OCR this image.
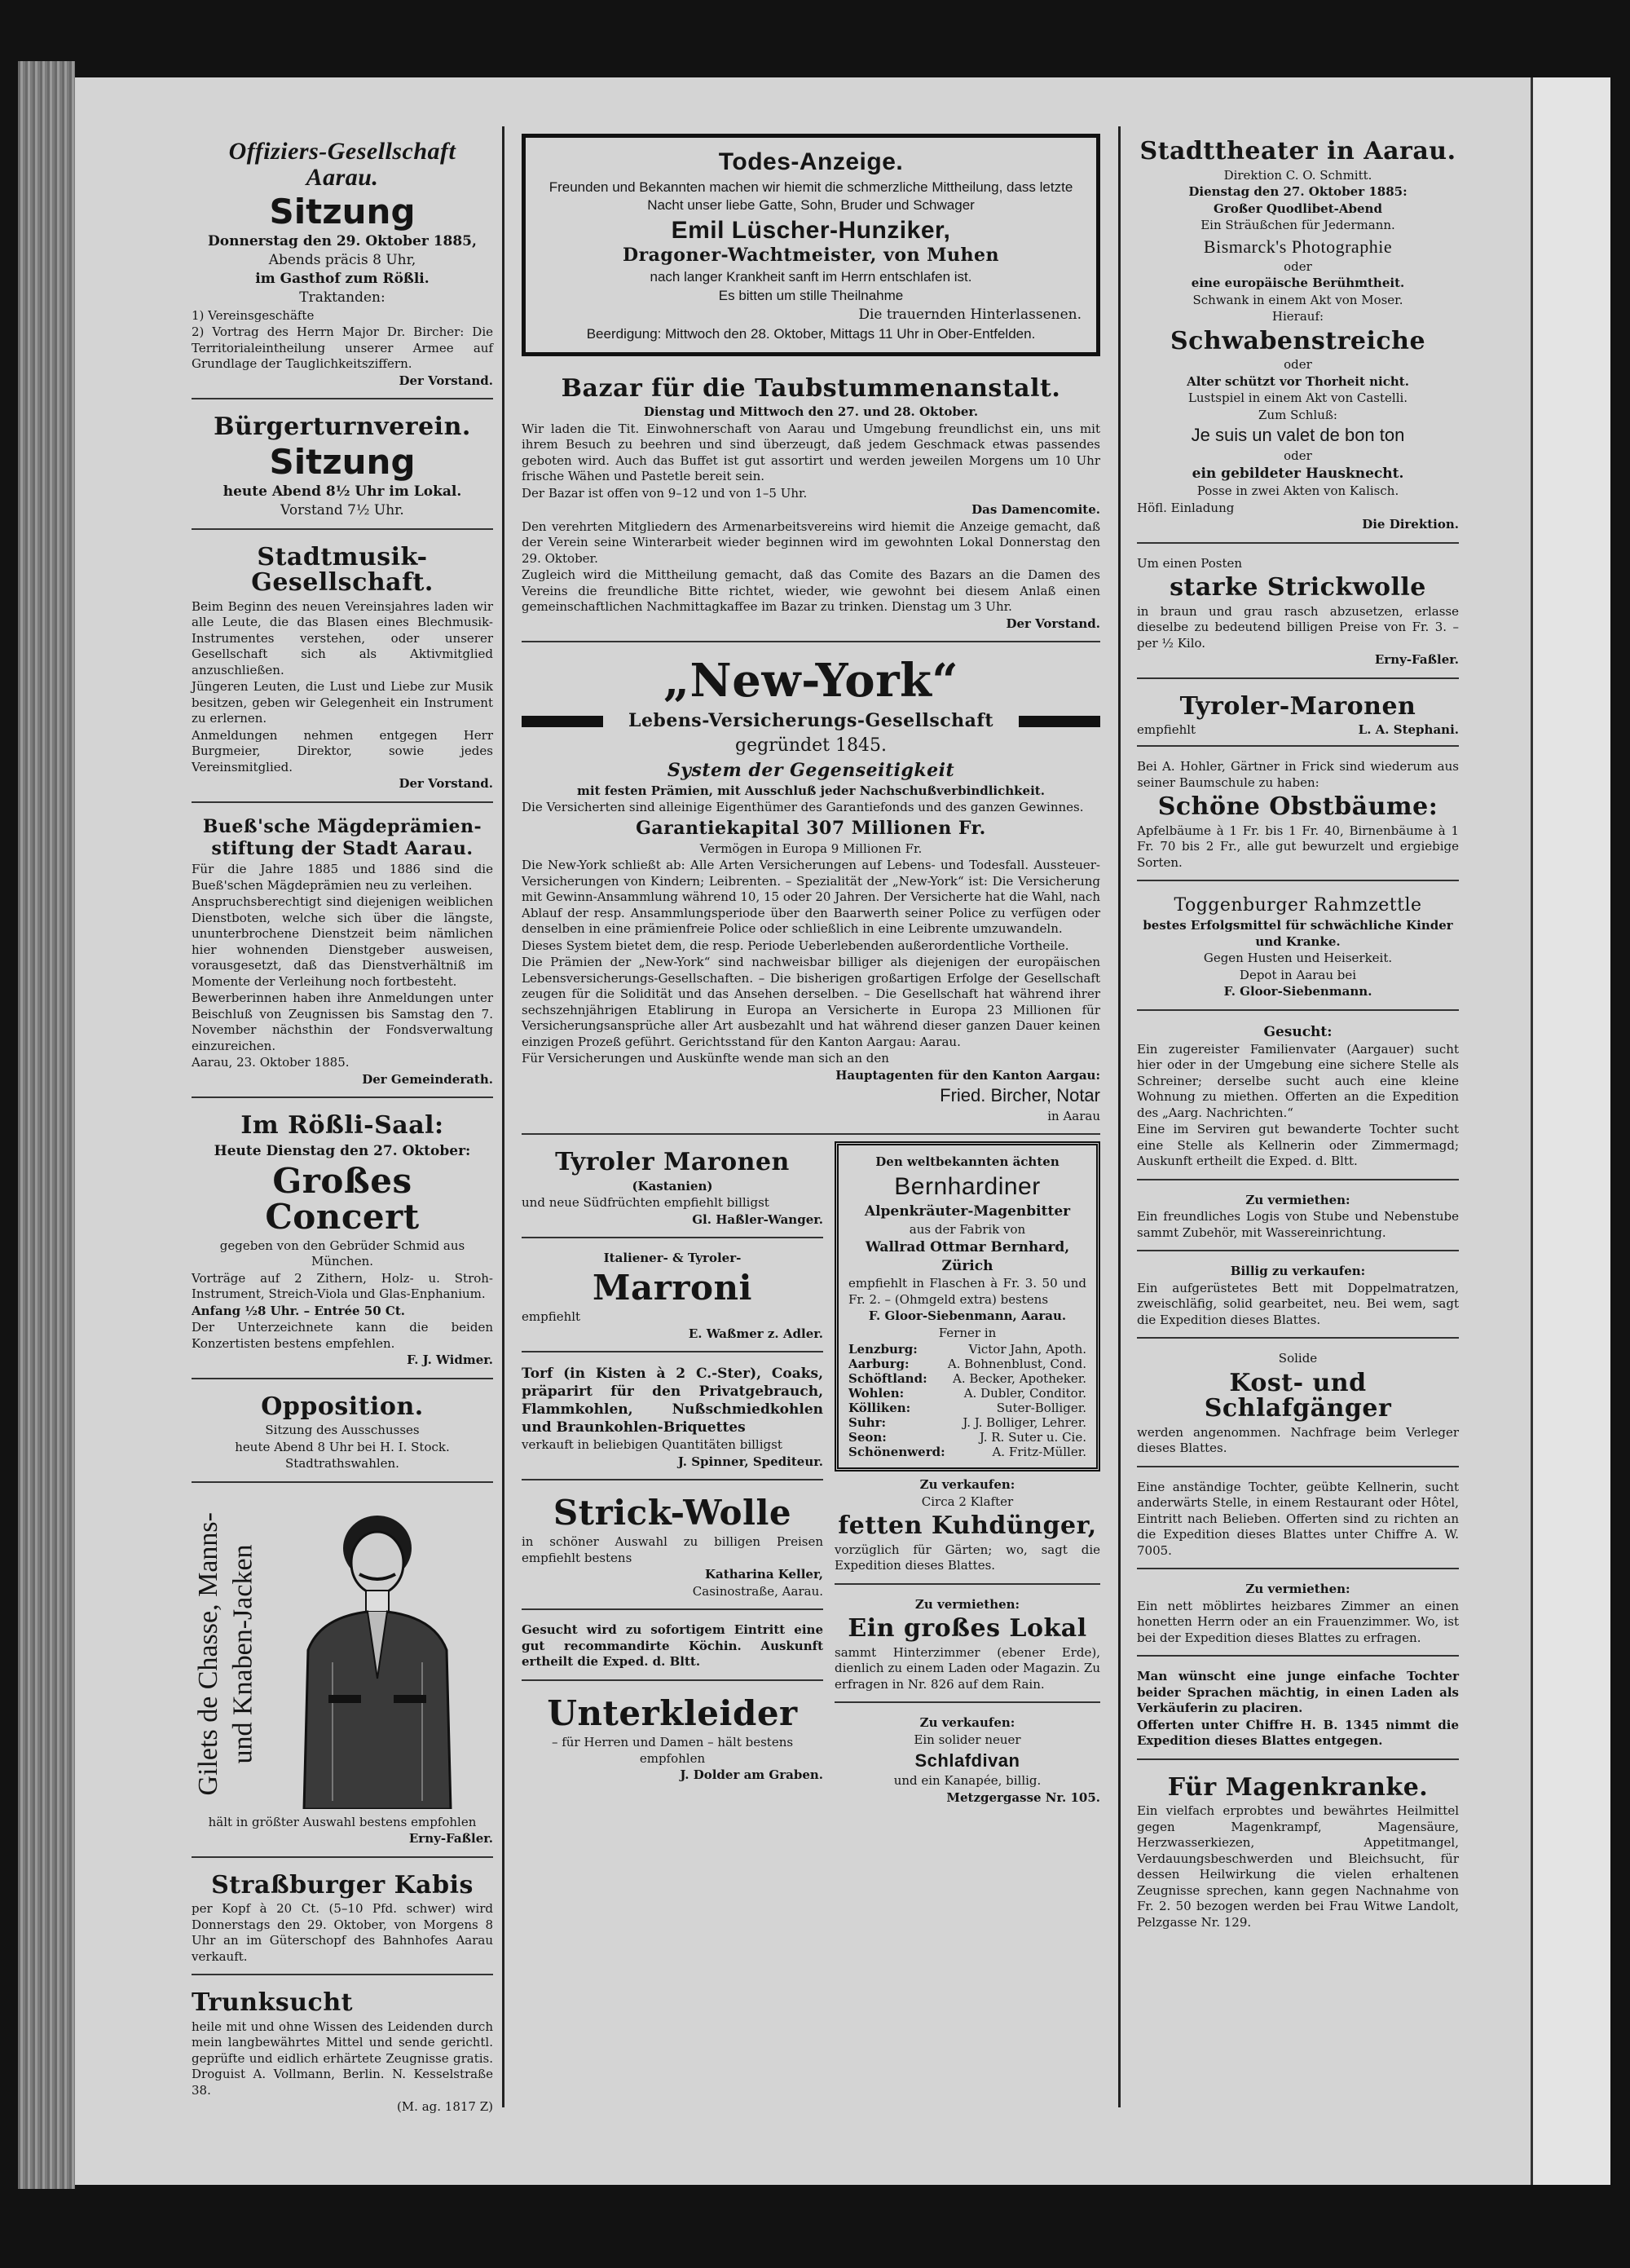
Offiziers-Gesellschaft Aarau.
Sitzung
Donnerstag den 29. Oktober 1885,
Abends präcis 8 Uhr,
im Gasthof zum Rößli.
Traktanden:
1) Vereinsgeschäfte
2) Vortrag des Herrn Major Dr. Bircher: Die Territorialeintheilung unserer Armee auf Grundlage der Tauglichkeitsziffern.
Der Vorstand.
Bürgerturnverein.
Sitzung
heute Abend 8½ Uhr im Lokal.
Vorstand 7½ Uhr.
Stadtmusik-Gesellschaft.
Beim Beginn des neuen Vereinsjahres laden wir alle Leute, die das Blasen eines Blechmusik-Instrumentes verstehen, oder unserer Gesellschaft sich als Aktivmitglied anzuschließen.
Jüngeren Leuten, die Lust und Liebe zur Musik besitzen, geben wir Gelegenheit ein Instrument zu erlernen.
Anmeldungen nehmen entgegen Herr Burgmeier, Direktor, sowie jedes Vereinsmitglied.
Der Vorstand.
Bueß'sche Mägdeprämien-
stiftung der Stadt Aarau.
Für die Jahre 1885 und 1886 sind die Bueß'schen Mägdeprämien neu zu verleihen.
Anspruchsberechtigt sind diejenigen weiblichen Dienstboten, welche sich über die längste, ununterbrochene Dienstzeit beim nämlichen hier wohnenden Dienstgeber ausweisen, vorausgesetzt, daß das Dienstverhältniß im Momente der Verleihung noch fortbesteht.
Bewerberinnen haben ihre Anmeldungen unter Beischluß von Zeugnissen bis Samstag den 7. November nächsthin der Fondsverwaltung einzureichen.
Aarau, 23. Oktober 1885.
Der Gemeinderath.
Im Rößli-Saal:
Heute Dienstag den 27. Oktober:
Großes Concert
gegeben von den Gebrüder Schmid aus München.
Vorträge auf 2 Zithern, Holz- u. Stroh-Instrument, Streich-Viola und Glas-Enphanium.
Anfang ½8 Uhr. – Entrée 50 Ct.
Der Unterzeichnete kann die beiden Konzertisten bestens empfehlen.
F. J. Widmer.
Opposition.
Sitzung des Ausschusses
heute Abend 8 Uhr bei H. I. Stock.
Stadtrathswahlen.
Gilets de Chasse, Manns- und Knaben-Jacken
hält in größter Auswahl bestens empfohlen
Erny-Faßler.
Straßburger Kabis
per Kopf à 20 Ct. (5–10 Pfd. schwer) wird Donnerstags den 29. Oktober, von Morgens 8 Uhr an im Güterschopf des Bahnhofes Aarau verkauft.
Trunksucht
heile mit und ohne Wissen des Leidenden durch mein langbewährtes Mittel und sende gerichtl. geprüfte und eidlich erhärtete Zeugnisse gratis. Droguist A. Vollmann, Berlin. N. Kesselstraße 38.
(M. ag. 1817 Z)
Todes-Anzeige.
Freunden und Bekannten machen wir hiemit die schmerzliche Mittheilung, dass letzte Nacht unser liebe Gatte, Sohn, Bruder und Schwager
Emil Lüscher-Hunziker,
Dragoner-Wachtmeister, von Muhen
nach langer Krankheit sanft im Herrn entschlafen ist.
Es bitten um stille Theilnahme
Die trauernden Hinterlassenen.
Beerdigung: Mittwoch den 28. Oktober, Mittags 11 Uhr in Ober-Entfelden.
Bazar für die Taubstummenanstalt.
Dienstag und Mittwoch den 27. und 28. Oktober.
Wir laden die Tit. Einwohnerschaft von Aarau und Umgebung freundlichst ein, uns mit ihrem Besuch zu beehren und sind überzeugt, daß jedem Geschmack etwas passendes geboten wird. Auch das Buffet ist gut assortirt und werden jeweilen Morgens um 10 Uhr frische Wähen und Pastetle bereit sein.
Der Bazar ist offen von 9–12 und von 1–5 Uhr.
Das Damencomite.
Den verehrten Mitgliedern des Armenarbeitsvereins wird hiemit die Anzeige gemacht, daß der Verein seine Winterarbeit wieder beginnen wird im gewohnten Lokal Donnerstag den 29. Oktober.
Zugleich wird die Mittheilung gemacht, daß das Comite des Bazars an die Damen des Vereins die freundliche Bitte richtet, wieder, wie gewohnt bei diesem Anlaß einen gemeinschaftlichen Nachmittagkaffee im Bazar zu trinken. Dienstag um 3 Uhr.
Der Vorstand.
„New-York“
Lebens-Versicherungs-Gesellschaft
gegründet 1845.
System der Gegenseitigkeit
mit festen Prämien, mit Ausschluß jeder Nachschußverbindlichkeit.
Die Versicherten sind alleinige Eigenthümer des Garantiefonds und des ganzen Gewinnes.
Garantiekapital 307 Millionen Fr.
Vermögen in Europa 9 Millionen Fr.
Die New-York schließt ab: Alle Arten Versicherungen auf Lebens- und Todesfall. Aussteuer-Versicherungen von Kindern; Leibrenten. – Spezialität der „New-York“ ist: Die Versicherung mit Gewinn-Ansammlung während 10, 15 oder 20 Jahren. Der Versicherte hat die Wahl, nach Ablauf der resp. Ansammlungsperiode über den Baarwerth seiner Police zu verfügen oder denselben in eine prämienfreie Police oder schließlich in eine Leibrente umzuwandeln.
Dieses System bietet dem, die resp. Periode Ueberlebenden außerordentliche Vortheile.
Die Prämien der „New-York“ sind nachweisbar billiger als diejenigen der europäischen Lebensversicherungs-Gesellschaften. – Die bisherigen großartigen Erfolge der Gesellschaft zeugen für die Solidität und das Ansehen derselben. – Die Gesellschaft hat während ihrer sechszehnjährigen Etablirung in Europa an Versicherte in Europa 23 Millionen für Versicherungsansprüche aller Art ausbezahlt und hat während dieser ganzen Dauer keinen einzigen Prozeß geführt. Gerichtsstand für den Kanton Aargau: Aarau.
Für Versicherungen und Auskünfte wende man sich an den
Hauptagenten für den Kanton Aargau:
Fried. Bircher, Notar
in Aarau
Tyroler Maronen
(Kastanien)
und neue Südfrüchten empfiehlt billigst
Gl. Haßler-Wanger.
Italiener- & Tyroler-
Marroni
empfiehlt
E. Waßmer z. Adler.
Torf (in Kisten à 2 C.-Ster), Coaks, präparirt für den Privatgebrauch, Flammkohlen, Nußschmiedkohlen und Braunkohlen-Briquettes
verkauft in beliebigen Quantitäten billigst
J. Spinner, Spediteur.
Strick-Wolle
in schöner Auswahl zu billigen Preisen empfiehlt bestens
Katharina Keller,
Casinostraße, Aarau.
Gesucht wird zu sofortigem Eintritt eine gut recommandirte Köchin. Auskunft ertheilt die Exped. d. Bltt.
Unterkleider
– für Herren und Damen – hält bestens empfohlen
J. Dolder am Graben.
Den weltbekannten ächten
Bernhardiner
Alpenkräuter-Magenbitter
aus der Fabrik von
Wallrad Ottmar Bernhard,
Zürich
empfiehlt in Flaschen à Fr. 3. 50 und Fr. 2. – (Ohmgeld extra) bestens
F. Gloor-Siebenmann, Aarau.
Ferner in
Lenzburg:	Victor Jahn, Apoth.
Aarburg:	A. Bohnenblust, Cond.
Schöftland: A. Becker, Apotheker.
Wohlen:	A. Dubler, Conditor.
Kölliken:	Suter-Bolliger.
Suhr:	J. J. Bolliger, Lehrer.
Seon:	J. R. Suter u. Cie.
Schönenwerd:	A. Fritz-Müller.
Zu verkaufen:
Circa 2 Klafter
fetten Kuhdünger,
vorzüglich für Gärten; wo, sagt die Expedition dieses Blattes.
Zu vermiethen:
Ein großes Lokal
sammt Hinterzimmer (ebener Erde), dienlich zu einem Laden oder Magazin. Zu erfragen in Nr. 826 auf dem Rain.
Zu verkaufen:
Ein solider neuer
Schlafdivan
und ein Kanapée, billig.
Metzgergasse Nr. 105.
Stadttheater in Aarau.
Direktion C. O. Schmitt.
Dienstag den 27. Oktober 1885:
Großer Quodlibet-Abend
Ein Sträußchen für Jedermann.
Bismarck's Photographie
oder
eine europäische Berühmtheit.
Schwank in einem Akt von Moser.
Hierauf:
Schwabenstreiche
oder
Alter schützt vor Thorheit nicht.
Lustspiel in einem Akt von Castelli.
Zum Schluß:
Je suis un valet de bon ton
oder
ein gebildeter Hausknecht.
Posse in zwei Akten von Kalisch.
Höfl. Einladung
Die Direktion.
Um einen Posten
starke Strickwolle
in braun und grau rasch abzusetzen, erlasse dieselbe zu bedeutend billigen Preise von Fr. 3. – per ½ Kilo.
Erny-Faßler.
Tyroler-Maronen
empfiehlt	L. A. Stephani.
Bei A. Hohler, Gärtner in Frick sind wiederum aus seiner Baumschule zu haben:
Schöne Obstbäume:
Apfelbäume à 1 Fr. bis 1 Fr. 40, Birnenbäume à 1 Fr. 70 bis 2 Fr., alle gut bewurzelt und ergiebige Sorten.
Toggenburger Rahmzettle
bestes Erfolgsmittel für schwächliche Kinder und Kranke.
Gegen Husten und Heiserkeit.
Depot in Aarau bei
F. Gloor-Siebenmann.
Gesucht:
Ein zugereister Familienvater (Aargauer) sucht hier oder in der Umgebung eine sichere Stelle als Schreiner; derselbe sucht auch eine kleine Wohnung zu miethen. Offerten an die Expedition des „Aarg. Nachrichten.“
Eine im Serviren gut bewanderte Tochter sucht eine Stelle als Kellnerin oder Zimmermagd; Auskunft ertheilt die Exped. d. Bltt.
Zu vermiethen:
Ein freundliches Logis von Stube und Nebenstube sammt Zubehör, mit Wassereinrichtung.
Billig zu verkaufen:
Ein aufgerüstetes Bett mit Doppelmatratzen, zweischläfig, solid gearbeitet, neu. Bei wem, sagt die Expedition dieses Blattes.
Solide
Kost- und Schlafgänger
werden angenommen. Nachfrage beim Verleger dieses Blattes.
Eine anständige Tochter, geübte Kellnerin, sucht anderwärts Stelle, in einem Restaurant oder Hôtel, Eintritt nach Belieben. Offerten sind zu richten an die Expedition dieses Blattes unter Chiffre A. W. 7005.
Zu vermiethen:
Ein nett möblirtes heizbares Zimmer an einen honetten Herrn oder an ein Frauenzimmer. Wo, ist bei der Expedition dieses Blattes zu erfragen.
Man wünscht eine junge einfache Tochter beider Sprachen mächtig, in einen Laden als Verkäuferin zu placiren.
Offerten unter Chiffre H. B. 1345 nimmt die Expedition dieses Blattes entgegen.
Für Magenkranke.
Ein vielfach erprobtes und bewährtes Heilmittel gegen Magenkrampf, Magensäure, Herzwasserkiezen, Appetitmangel, Verdauungsbeschwerden und Bleichsucht, für dessen Heilwirkung die vielen erhaltenen Zeugnisse sprechen, kann gegen Nachnahme von Fr. 2. 50 bezogen werden bei Frau Witwe Landolt, Pelzgasse Nr. 129.
